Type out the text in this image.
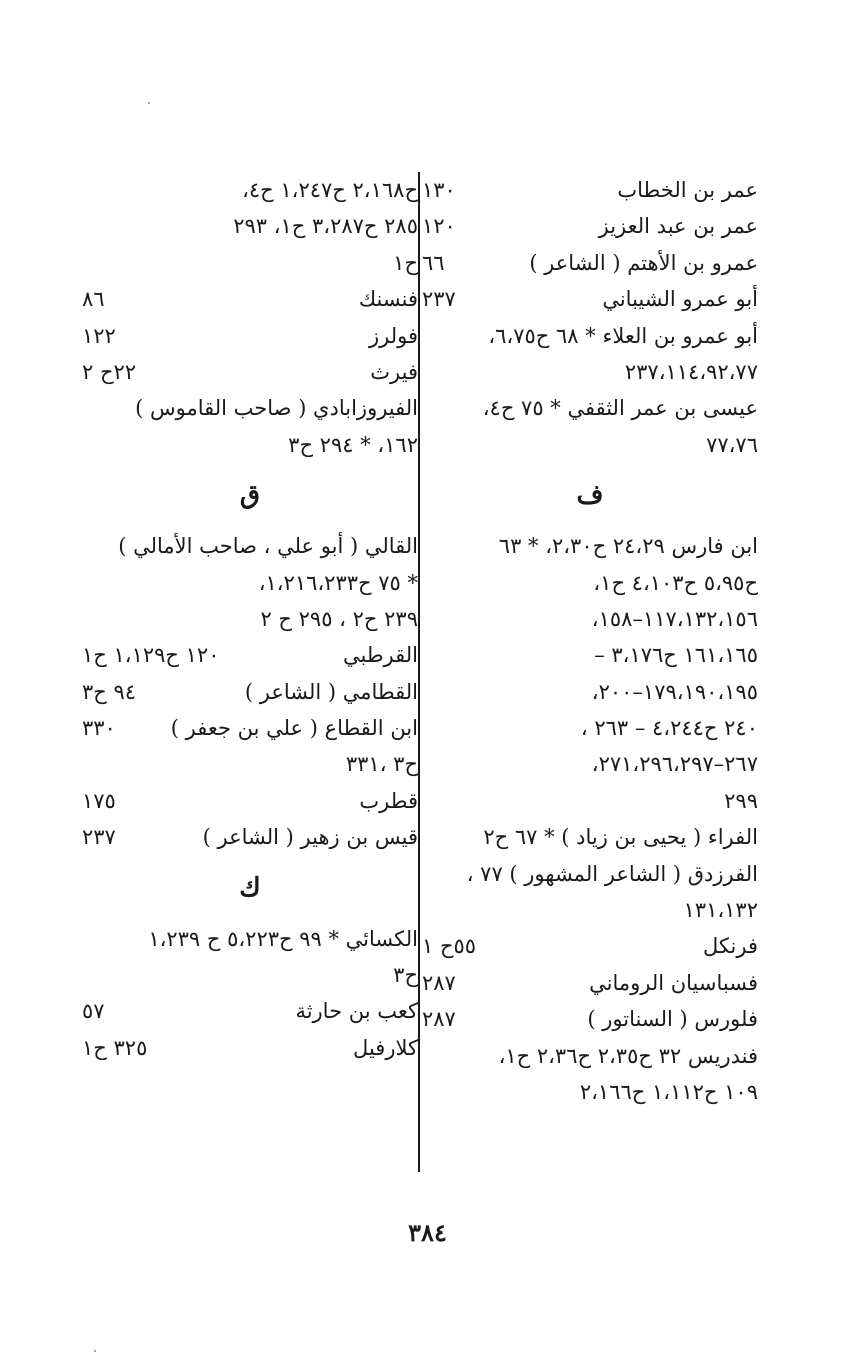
عمر بن الخطاب
١٣٠
عمر بن عبد العزيز
١٢٠
عمرو بن الأهتم ( الشاعر )
٦٦
أبو عمرو الشيباني
٢٣٧
أبو عمرو بن العلاء * ٦٨ ح٦،٧٥،
٢٣٧،١١٤،٩٢،٧٧
عيسى بن عمر الثقفي * ٧٥ ح٤،
٧٧،٧٦
ف
ابن فارس ٢٤،٢٩ ح٢،٣٠، * ٦٣
ح٥،٩٥ ح٤،١٠٣ ح١،
١١٧،١٣٢،١٥٦–١٥٨،
١٦١،١٦٥ ح٣،١٧٦ –
١٧٩،١٩٠،١٩٥–٢٠٠،
٢٤٠ ح٤،٢٤٤ – ٢٦٣ ،
٢٦٧–٢٧١،٢٩٦،٢٩٧،
٢٩٩
الفراء ( يحيى بن زياد ) * ٦٧ ح٢
الفرزدق ( الشاعر المشهور ) ٧٧ ،
١٣١،١٣٢
فرنكل
٥٥ح ١
فسباسيان الروماني
٢٨٧
فلورس ( السناتور )
٢٨٧
فندريس ٣٢ ح٢،٣٥ ح٢،٣٦ ح١،
١٠٩ ح١،١١٢ ح٢،١٦٦
ح٢،١٦٨ ح١،٢٤٧ ح٤،
٢٨٥ ح٣،٢٨٧ ح١، ٢٩٣
ح١
فنسنك
٨٦
فولرز
١٢٢
فيرث
٢٢ح ٢
الفيروزابادي ( صاحب القاموس )
١٦٢، * ٢٩٤ ح٣
ق
القالي ( أبو علي ، صاحب الأمالي )
* ٧٥ ح١،٢١٦،٢٣٣،
٢٣٩ ح٢ ، ٢٩٥ ح ٢
القرطبي
١٢٠ ح١،١٢٩ ح١
القطامي ( الشاعر )
٩٤ ح٣
ابن القطاع ( علي بن جعفر )
٣٣٠
ح٣ ،٣٣١
قطرب
١٧٥
قيس بن زهير ( الشاعر )
٢٣٧
ك
الكسائي * ٩٩ ح٥،٢٢٣ ح ١،٢٣٩
ح٣
كعب بن حارثة
٥٧
كلارفيل
٣٢٥ ح١
٣٨٤
